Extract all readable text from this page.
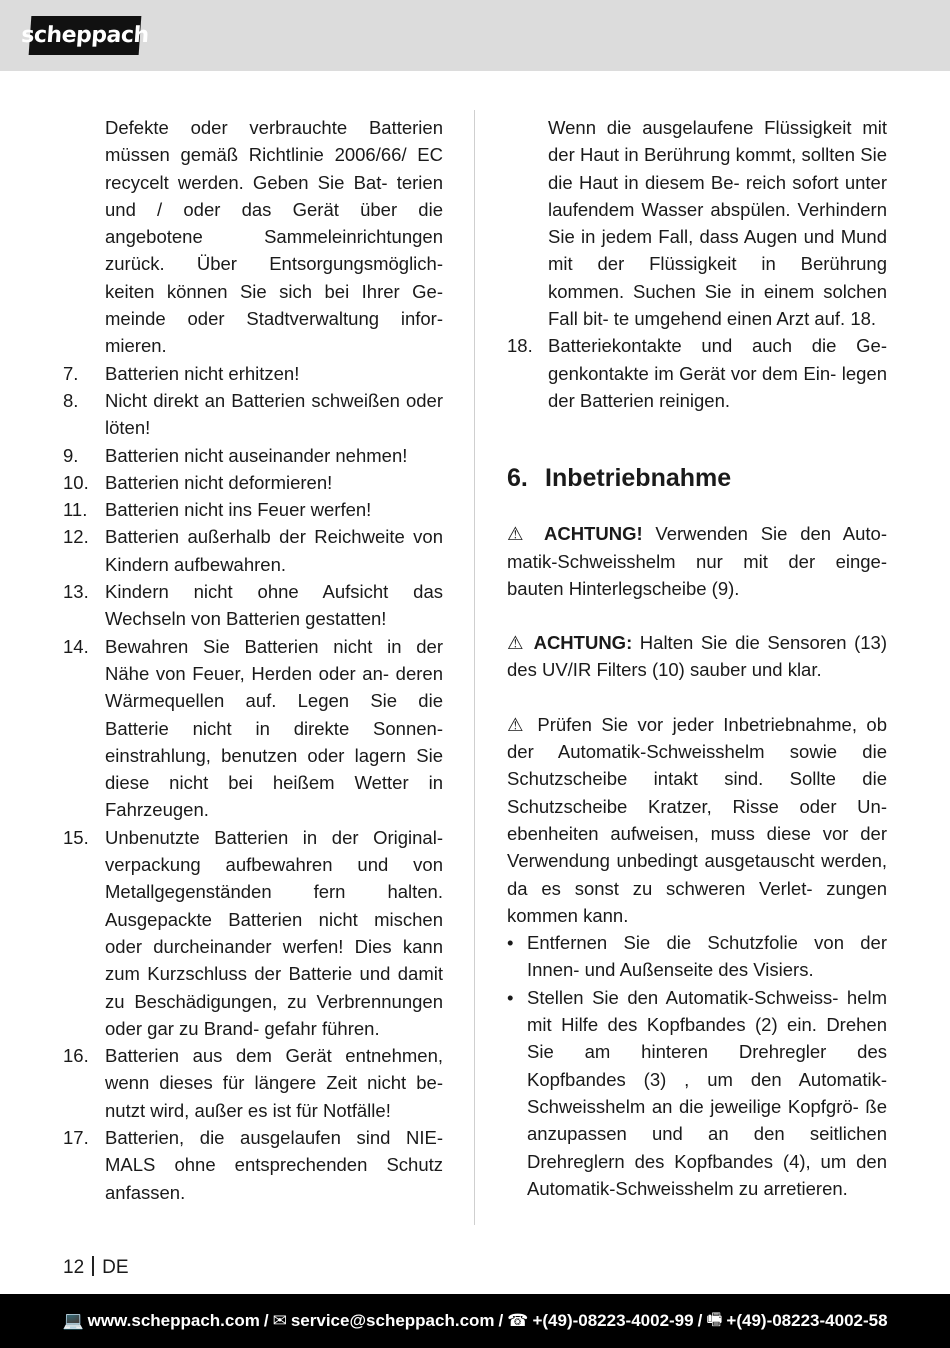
scheppach
Defekte oder verbrauchte Batterien müssen gemäß Richtlinie 2006/66/ EC recycelt werden. Geben Sie Bat- terien und / oder das Gerät über die angebotene Sammeleinrichtungen zurück. Über Entsorgungsmöglich- keiten können Sie sich bei Ihrer Ge- meinde oder Stadtverwaltung infor- mieren.
7.	Batterien nicht erhitzen!
8.	Nicht direkt an Batterien schweißen oder löten!
9.	Batterien nicht auseinander nehmen!
10. Batterien nicht deformieren!
11. Batterien nicht ins Feuer werfen!
12. Batterien außerhalb der Reichweite von Kindern aufbewahren.
13. Kindern nicht ohne Aufsicht das Wechseln von Batterien gestatten!
14. Bewahren Sie Batterien nicht in der Nähe von Feuer, Herden oder an- deren Wärmequellen auf. Legen Sie die Batterie nicht in direkte Sonnen- einstrahlung, benutzen oder lagern Sie diese nicht bei heißem Wetter in Fahrzeugen.
15. Unbenutzte Batterien in der Original- verpackung aufbewahren und von Metallgegenständen fern halten. Ausgepackte Batterien nicht mischen oder durcheinander werfen! Dies kann zum Kurzschluss der Batterie und damit zu Beschädigungen, zu Verbrennungen oder gar zu Brand- gefahr führen.
16. Batterien aus dem Gerät entnehmen, wenn dieses für längere Zeit nicht be- nutzt wird, außer es ist für Notfälle!
17. Batterien, die ausgelaufen sind NIE- MALS ohne entsprechenden Schutz anfassen.
Wenn die ausgelaufene Flüssigkeit mit der Haut in Berührung kommt, sollten Sie die Haut in diesem Be- reich sofort unter laufendem Wasser abspülen. Verhindern Sie in jedem Fall, dass Augen und Mund mit der Flüssigkeit in Berührung kommen. Suchen Sie in einem solchen Fall bit- te umgehend einen Arzt auf. 18.
18. Batteriekontakte und auch die Ge- genkontakte im Gerät vor dem Ein- legen der Batterien reinigen.
6. Inbetriebnahme
⚠ ACHTUNG! Verwenden Sie den Auto- matik-Schweisshelm nur mit der einge- bauten Hinterlegscheibe (9).
⚠ ACHTUNG: Halten Sie die Sensoren (13) des UV/IR Filters (10) sauber und klar.
⚠ Prüfen Sie vor jeder Inbetriebnahme, ob der Automatik-Schweisshelm sowie die Schutzscheibe intakt sind. Sollte die Schutzscheibe Kratzer, Risse oder Un- ebenheiten aufweisen, muss diese vor der Verwendung unbedingt ausgetauscht werden, da es sonst zu schweren Verlet- zungen kommen kann.
• Entfernen Sie die Schutzfolie von der Innen- und Außenseite des Visiers.
• Stellen Sie den Automatik-Schweiss- helm mit Hilfe des Kopfbandes (2) ein. Drehen Sie am hinteren Drehregler des Kopfbandes (3) , um den Automatik- Schweisshelm an die jeweilige Kopfgrö- ße anzupassen und an den seitlichen Drehreglern des Kopfbandes (4), um den Automatik-Schweisshelm zu arretieren.
12 DE
💻 www.scheppach.com / ✉ service@scheppach.com / ☎ +(49)-08223-4002-99 / 🖷 +(49)-08223-4002-58
